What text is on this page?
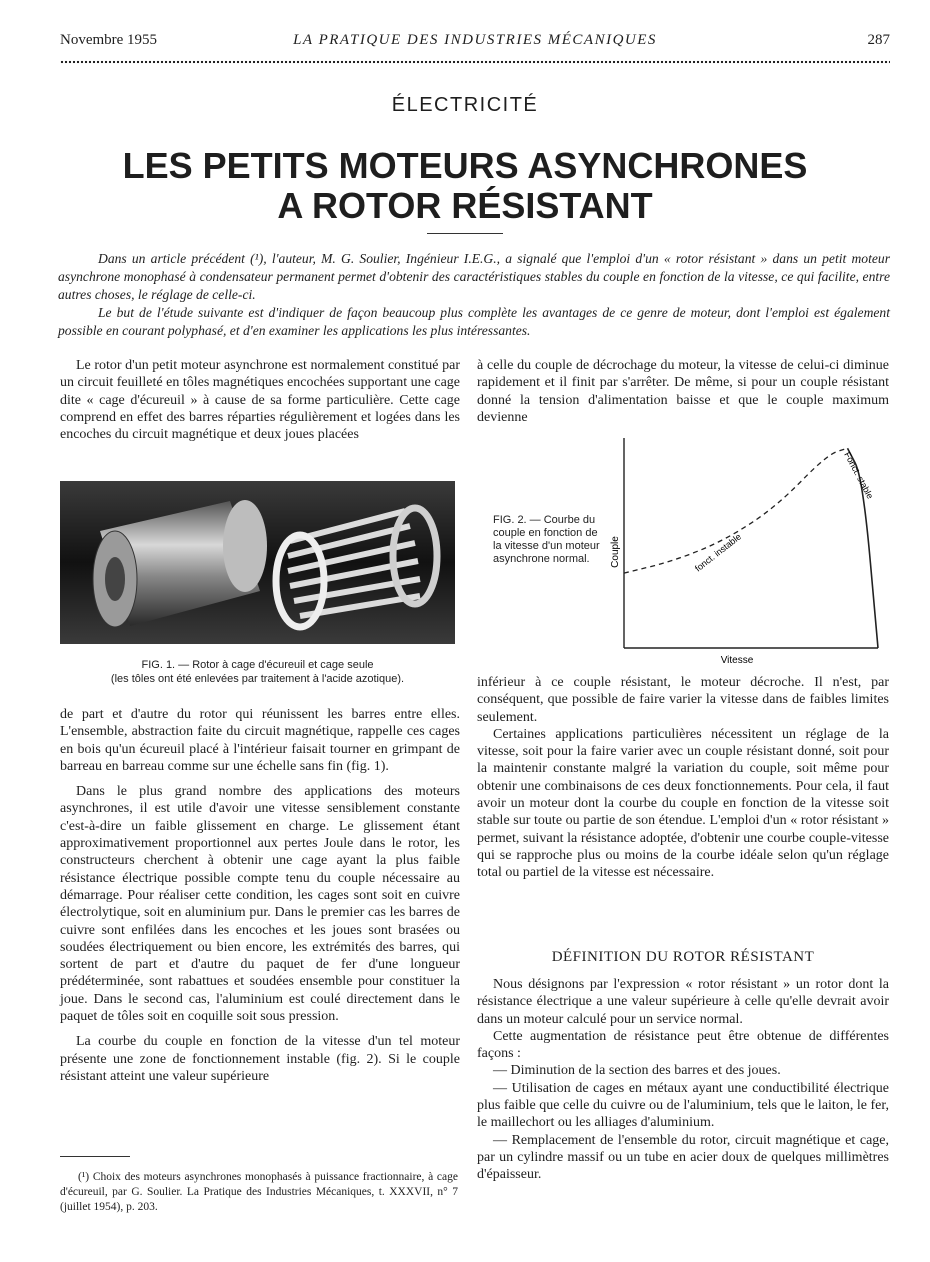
Novembre 1955	LA PRATIQUE DES INDUSTRIES MÉCANIQUES	287
ÉLECTRICITÉ
LES PETITS MOTEURS ASYNCHRONES
A ROTOR RÉSISTANT

Dans un article précédent (¹), l'auteur, M. G. Soulier, Ingénieur I.E.G., a signalé que l'emploi d'un « rotor résistant » dans un petit moteur asynchrone monophasé à condensateur permanent permet d'obtenir des caractéristiques stables du couple en fonction de la vitesse, ce qui facilite, entre autres choses, le réglage de celle-ci.

Le but de l'étude suivante est d'indiquer de façon beaucoup plus complète les avantages de ce genre de moteur, dont l'emploi est également possible en courant polyphasé, et d'en examiner les applications les plus intéressantes.

Le rotor d'un petit moteur asynchrone est normalement constitué par un circuit feuilleté en tôles magnétiques encochées supportant une cage dite « cage d'écureuil » à cause de sa forme particulière. Cette cage comprend en effet des barres réparties régulièrement et logées dans les encoches du circuit magnétique et deux joues placées

FIG. 1. — Rotor à cage d'écureuil et cage seule
(les tôles ont été enlevées par traitement à l'acide azotique).

de part et d'autre du rotor qui réunissent les barres entre elles. L'ensemble, abstraction faite du circuit magnétique, rappelle ces cages en bois qu'un écureuil placé à l'intérieur faisait tourner en grimpant de barreau en barreau comme sur une échelle sans fin (fig. 1).

Dans le plus grand nombre des applications des moteurs asynchrones, il est utile d'avoir une vitesse sensiblement constante c'est-à-dire un faible glissement en charge. Le glissement étant approximativement proportionnel aux pertes Joule dans le rotor, les constructeurs cherchent à obtenir une cage ayant la plus faible résistance électrique possible compte tenu du couple nécessaire au démarrage. Pour réaliser cette condition, les cages sont soit en cuivre électrolytique, soit en aluminium pur. Dans le premier cas les barres de cuivre sont enfilées dans les encoches et les joues sont brasées ou soudées électriquement ou bien encore, les extrémités des barres, qui sortent de part et d'autre du paquet de fer d'une longueur prédéterminée, sont rabattues et soudées ensemble pour constituer la joue. Dans le second cas, l'aluminium est coulé directement dans le paquet de tôles soit en coquille soit sous pression.

La courbe du couple en fonction de la vitesse d'un tel moteur présente une zone de fonctionnement instable (fig. 2). Si le couple résistant atteint une valeur supérieure

(¹) Choix des moteurs asynchrones monophasés à puissance fractionnaire, à cage d'écureuil, par G. Soulier. La Pratique des Industries Mécaniques, t. XXXVII, n° 7 (juillet 1954), p. 203.

à celle du couple de décrochage du moteur, la vitesse de celui-ci diminue rapidement et il finit par s'arrêter. De même, si pour un couple résistant donné la tension d'alimentation baisse et que le couple maximum devienne

FIG. 2. — Courbe du couple en fonction de la vitesse d'un moteur asynchrone normal.	Couple
Vitesse
fonct. instable
Fonct. stable

inférieur à ce couple résistant, le moteur décroche. Il n'est, par conséquent, que possible de faire varier la vitesse dans de faibles limites seulement.

Certaines applications particulières nécessitent un réglage de la vitesse, soit pour la faire varier avec un couple résistant donné, soit pour la maintenir constante malgré la variation du couple, soit même pour obtenir une combinaisons de ces deux fonctionnements. Pour cela, il faut avoir un moteur dont la courbe du couple en fonction de la vitesse soit stable sur toute ou partie de son étendue. L'emploi d'un « rotor résistant » permet, suivant la résistance adoptée, d'obtenir une courbe couple-vitesse qui se rapproche plus ou moins de la courbe idéale selon qu'un réglage total ou partiel de la vitesse est nécessaire.

DÉFINITION DU ROTOR RÉSISTANT

Nous désignons par l'expression « rotor résistant » un rotor dont la résistance électrique a une valeur supérieure à celle qu'elle devrait avoir dans un moteur calculé pour un service normal.

Cette augmentation de résistance peut être obtenue de différentes façons :

— Diminution de la section des barres et des joues.

— Utilisation de cages en métaux ayant une conductibilité électrique plus faible que celle du cuivre ou de l'aluminium, tels que le laiton, le fer, le maillechort ou les alliages d'aluminium.

— Remplacement de l'ensemble du rotor, circuit magnétique et cage, par un cylindre massif ou un tube en acier doux de quelques millimètres d'épaisseur.
